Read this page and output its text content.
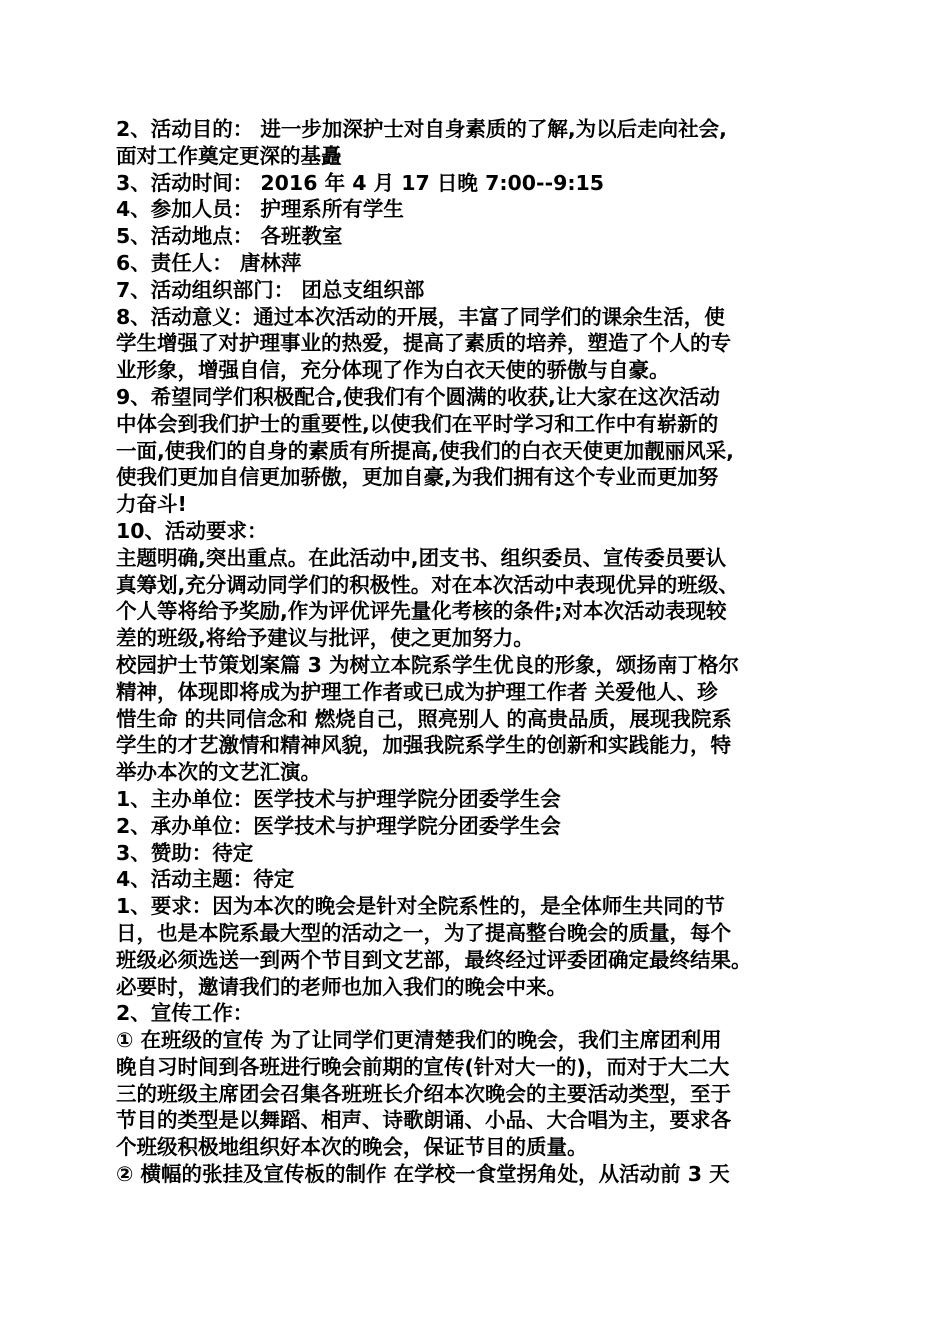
2、活动目的： 进一步加深护士对自身素质的了解,为以后走向社会,
面对工作奠定更深的基矗
3、活动时间： 2016 年 4 月 17 日晚 7:00--9:15
4、参加人员： 护理系所有学生
5、活动地点： 各班教室
6、责任人： 唐林萍
7、活动组织部门： 团总支组织部
8、活动意义：通过本次活动的开展，丰富了同学们的课余生活，使
学生增强了对护理事业的热爱，提高了素质的培养，塑造了个人的专
业形象，增强自信，充分体现了作为白衣天使的骄傲与自豪。
9、希望同学们积极配合,使我们有个圆满的收获,让大家在这次活动
中体会到我们护士的重要性,以使我们在平时学习和工作中有崭新的
一面,使我们的自身的素质有所提高,使我们的白衣天使更加靓丽风采,
使我们更加自信更加骄傲，更加自豪,为我们拥有这个专业而更加努
力奋斗!
10、活动要求：
主题明确,突出重点。在此活动中,团支书、组织委员、宣传委员要认
真筹划,充分调动同学们的积极性。对在本次活动中表现优异的班级、
个人等将给予奖励,作为评优评先量化考核的条件;对本次活动表现较
差的班级,将给予建议与批评，使之更加努力。
校园护士节策划案篇 3 为树立本院系学生优良的形象，颂扬南丁格尔
精神，体现即将成为护理工作者或已成为护理工作者 关爱他人、珍
惜生命 的共同信念和 燃烧自己，照亮别人 的高贵品质，展现我院系
学生的才艺激情和精神风貌，加强我院系学生的创新和实践能力，特
举办本次的文艺汇演。
1、主办单位：医学技术与护理学院分团委学生会
2、承办单位：医学技术与护理学院分团委学生会
3、赞助：待定
4、活动主题：待定
1、要求：因为本次的晚会是针对全院系性的，是全体师生共同的节
日，也是本院系最大型的活动之一，为了提高整台晚会的质量，每个
班级必须选送一到两个节目到文艺部，最终经过评委团确定最终结果。
必要时，邀请我们的老师也加入我们的晚会中来。
2、宣传工作：
① 在班级的宣传 为了让同学们更清楚我们的晚会，我们主席团利用
晚自习时间到各班进行晚会前期的宣传(针对大一的)，而对于大二大
三的班级主席团会召集各班班长介绍本次晚会的主要活动类型，至于
节目的类型是以舞蹈、相声、诗歌朗诵、小品、大合唱为主，要求各
个班级积极地组织好本次的晚会，保证节目的质量。
② 横幅的张挂及宣传板的制作 在学校一食堂拐角处，从活动前 3 天
